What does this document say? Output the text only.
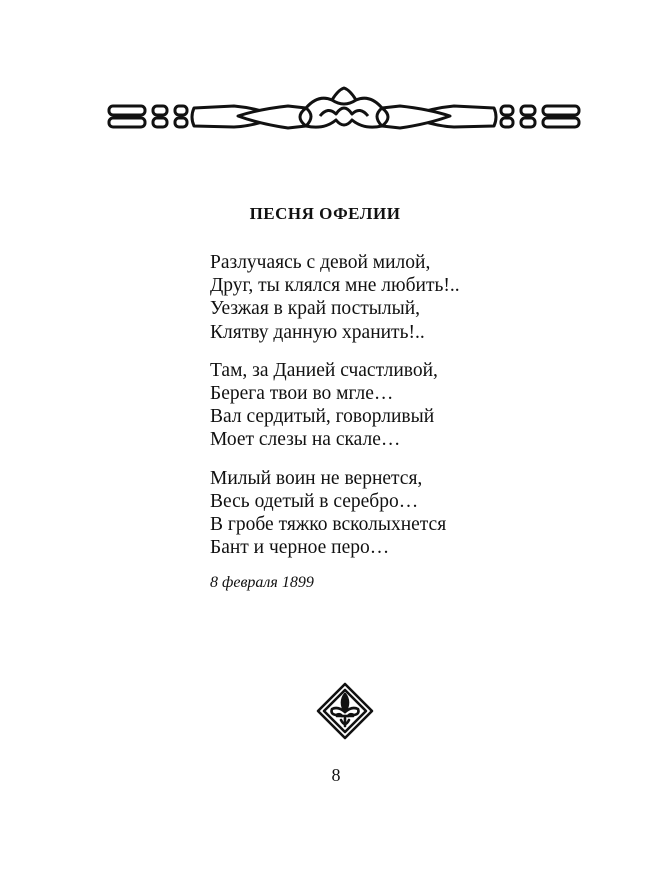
ПЕСНЯ ОФЕЛИИ
Разлучаясь с девой милой,
Друг, ты клялся мне любить!..
Уезжая в край постылый,
Клятву данную хранить!..
Там, за Данией счастливой,
Берега твои во мгле…
Вал сердитый, говорливый
Моет слезы на скале…
Милый воин не вернется,
Весь одетый в серебро…
В гробе тяжко всколыхнется
Бант и черное перо…
8 февраля 1899
8
